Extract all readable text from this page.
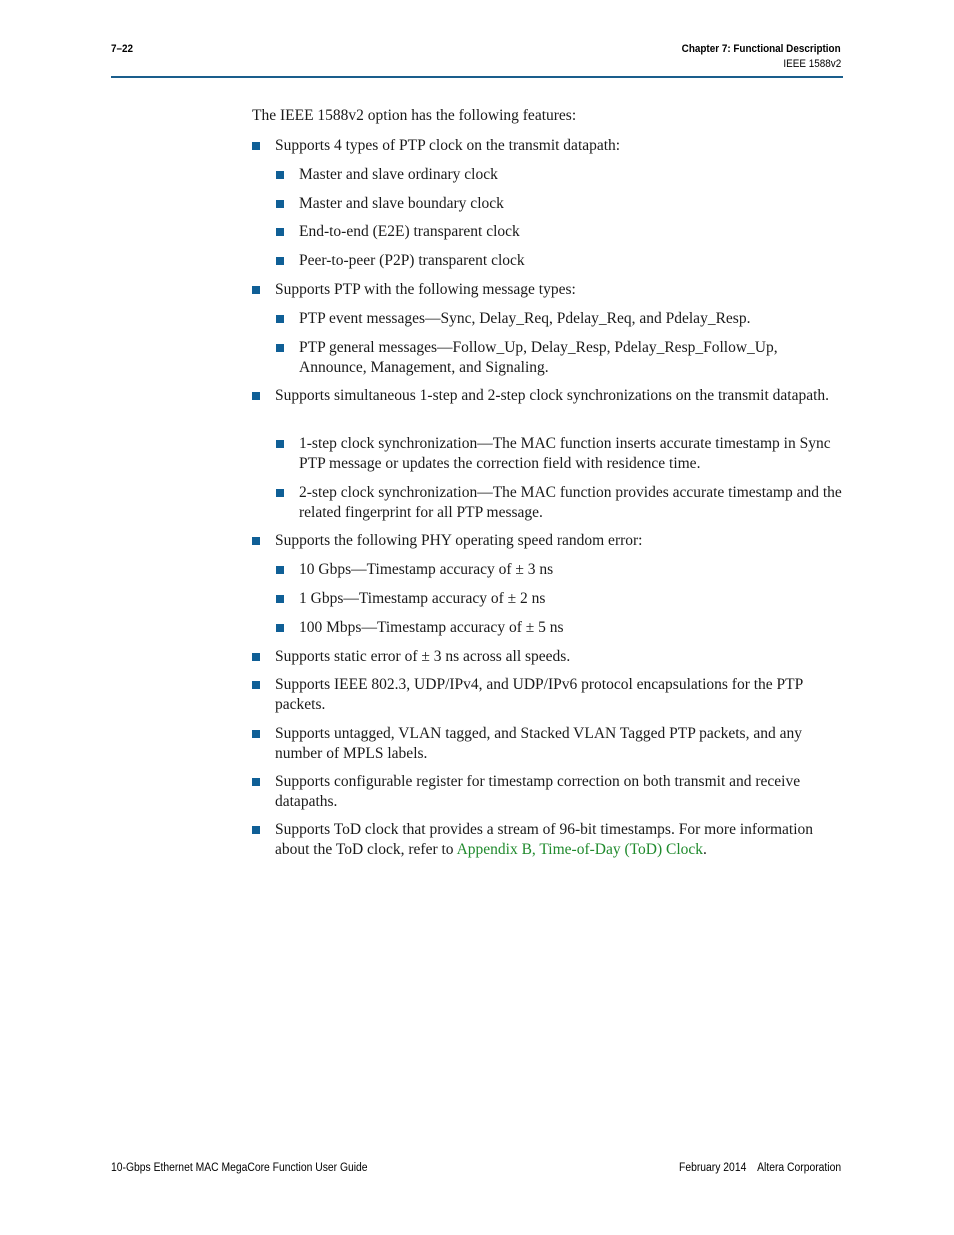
7–22	Chapter 7: Functional Description
IEEE 1588v2
The IEEE 1588v2 option has the following features:
Supports 4 types of PTP clock on the transmit datapath:
Master and slave ordinary clock
Master and slave boundary clock
End-to-end (E2E) transparent clock
Peer-to-peer (P2P) transparent clock
Supports PTP with the following message types:
PTP event messages—Sync, Delay_Req, Pdelay_Req, and Pdelay_Resp.
PTP general messages—Follow_Up, Delay_Resp, Pdelay_Resp_Follow_Up, Announce, Management, and Signaling.
Supports simultaneous 1-step and 2-step clock synchronizations on the transmit datapath.
1-step clock synchronization—The MAC function inserts accurate timestamp in Sync PTP message or updates the correction field with residence time.
2-step clock synchronization—The MAC function provides accurate timestamp and the related fingerprint for all PTP message.
Supports the following PHY operating speed random error:
10 Gbps—Timestamp accuracy of ± 3 ns
1 Gbps—Timestamp accuracy of ± 2 ns
100 Mbps—Timestamp accuracy of ± 5 ns
Supports static error of ± 3 ns across all speeds.
Supports IEEE 802.3, UDP/IPv4, and UDP/IPv6 protocol encapsulations for the PTP packets.
Supports untagged, VLAN tagged, and Stacked VLAN Tagged PTP packets, and any number of MPLS labels.
Supports configurable register for timestamp correction on both transmit and receive datapaths.
Supports ToD clock that provides a stream of 96-bit timestamps. For more information about the ToD clock, refer to Appendix B, Time-of-Day (ToD) Clock.
10-Gbps Ethernet MAC MegaCore Function User Guide	February 2014 Altera Corporation
